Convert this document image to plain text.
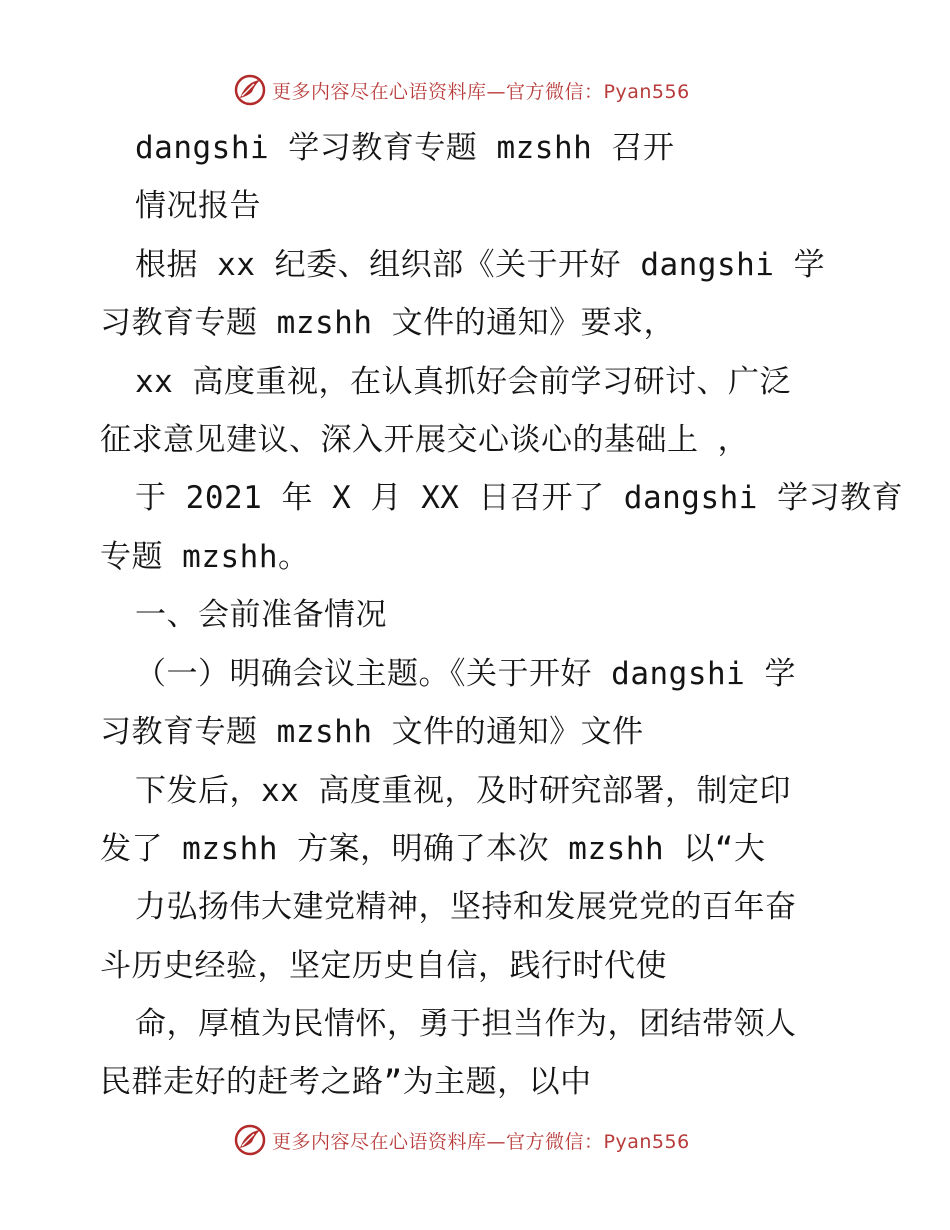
更多内容尽在心语资料库—官方微信：Pyan556
dangshi 学习教育专题 mzshh 召开
情况报告
根据 xx 纪委、组织部《关于开好 dangshi 学
习教育专题 mzshh 文件的通知》要求，
xx 高度重视，在认真抓好会前学习研讨、广泛
征求意见建议、深入开展交心谈心的基础上 ，
于 2021 年 X 月 XX 日召开了 dangshi 学习教育
专题 mzshh。
一、会前准备情况
（一）明确会议主题。《关于开好 dangshi 学
习教育专题 mzshh 文件的通知》文件
下发后，xx 高度重视，及时研究部署，制定印
发了 mzshh 方案，明确了本次 mzshh 以“大
力弘扬伟大建党精神，坚持和发展党党的百年奋
斗历史经验，坚定历史自信，践行时代使
命，厚植为民情怀，勇于担当作为，团结带领人
民群走好的赶考之路”为主题，以中
更多内容尽在心语资料库—官方微信：Pyan556
